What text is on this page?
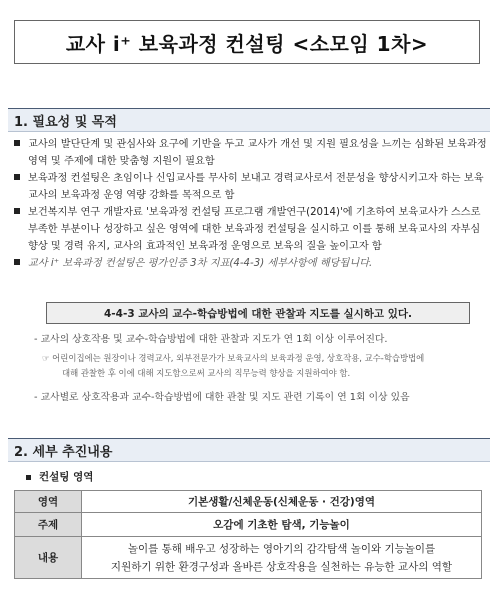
교사 i⁺ 보육과정 컨설팅 <소모임 1차>
1. 필요성 및 목적
교사의 발단단계 및 관심사와 요구에 기반을 두고 교사가 개선 및 지원 필요성을 느끼는 심화된 보육과정 영역 및 주제에 대한 맞춤형 지원이 필요함
보육과정 컨설팅은 초임이나 신입교사를 무사히 보내고 경력교사로서 전문성을 향상시키고자 하는 보육교사의 보육과정 운영 역량 강화를 목적으로 함
보건복지부 연구 개발자료 '보육과정 컨설팅 프로그램 개발연구(2014)'에 기초하여 보육교사가 스스로 부족한 부분이나 성장하고 싶은 영역에 대한 보육과정 컨설팅을 실시하고 이를 통해 보육교사의 자부심 향상 및 경력 유지, 교사의 효과적인 보육과정 운영으로 보육의 질을 높이고자 함
교사 i⁺ 보육과정 컨설팅은 평가인증 3차 지표(4-4-3) 세부사항에 해당됩니다.
4-4-3 교사의 교수-학습방법에 대한 관찰과 지도를 실시하고 있다.
- 교사의 상호작용 및 교수-학습방법에 대한 관찰과 지도가 연 1회 이상 이루어진다.
☞ 어린이집에는 원장이나 경력교사, 외부전문가가 보육교사의 보육과정 운영, 상호작용, 교수-학습방법에
대해 관찰한 후 이에 대해 지도함으로써 교사의 직무능력 향상을 지원하여야 함.
- 교사별로 상호작용과 교수-학습방법에 대한 관찰 및 지도 관련 기록이 연 1회 이상 있음
2. 세부 추진내용
컨설팅 영역
영역	기본생활/신체운동(신체운동 · 건강)영역
주제	오감에 기초한 탐색, 기능놀이
내용	놀이를 통해 배우고 성장하는 영아기의 감각탐색 놀이와 기능놀이를
지원하기 위한 환경구성과 올바른 상호작용을 실천하는 유능한 교사의 역할
